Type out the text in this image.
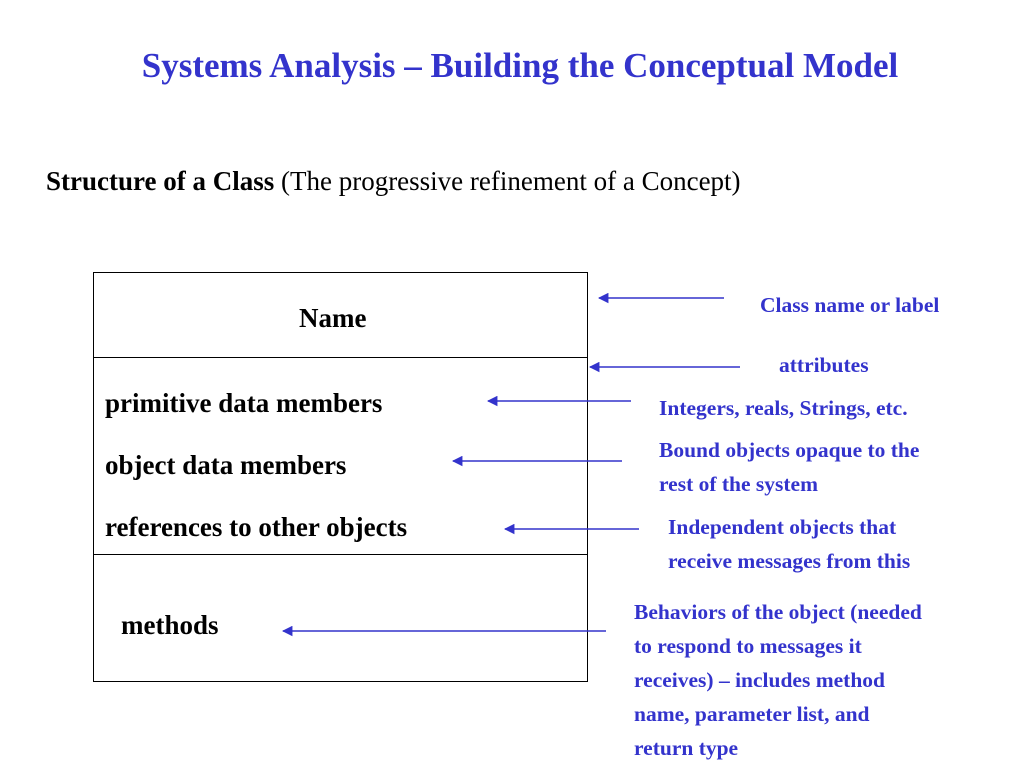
Systems Analysis – Building the Conceptual Model
Structure of a Class (The progressive refinement of a Concept)
Name
primitive data members
object data members
references to other objects
methods
Class name or label
attributes
Integers, reals, Strings, etc.
Bound objects opaque to the
rest of the system
Independent objects that
receive messages from this
Behaviors of the object (needed
to respond to messages it
receives) – includes method
name, parameter list, and
return type
